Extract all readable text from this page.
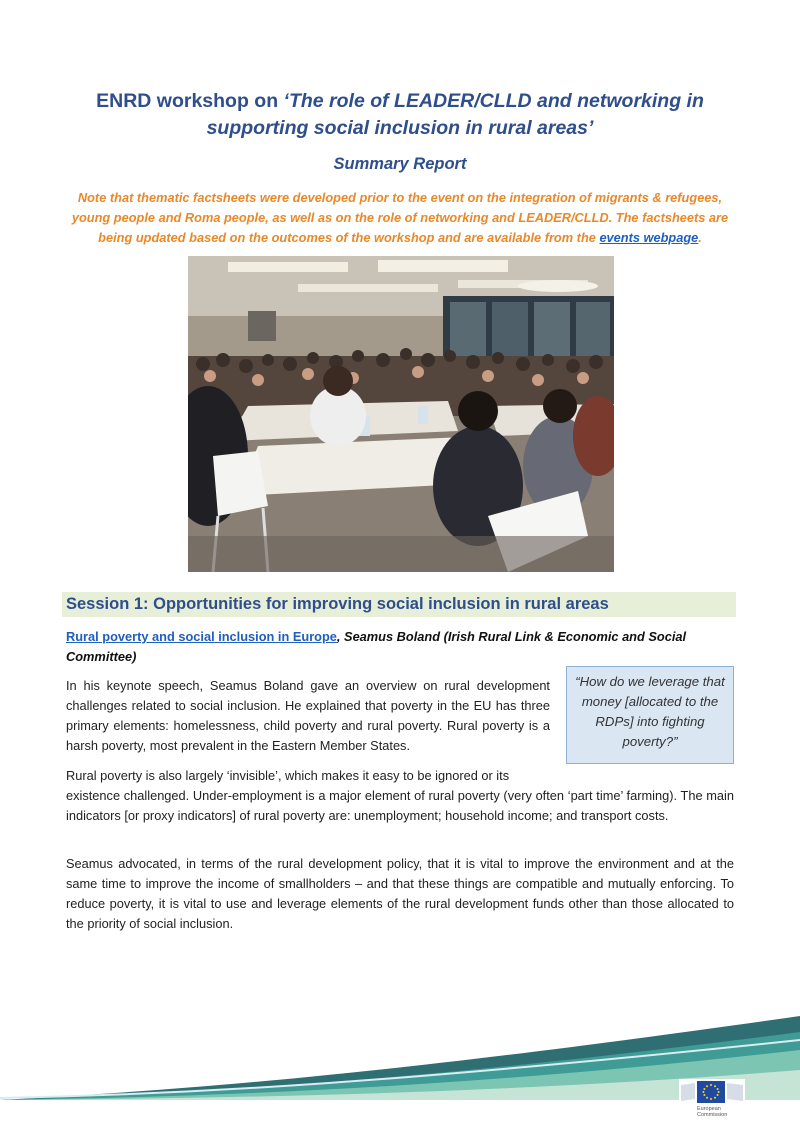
ENRD workshop on ‘The role of LEADER/CLLD and networking in
supporting social inclusion in rural areas’
Summary Report
Note that thematic factsheets were developed prior to the event on the integration of migrants & refugees, young people and Roma people, as well as on the role of networking and LEADER/CLLD. The factsheets are being updated based on the outcomes of the workshop and are available from the events webpage.
Session 1: Opportunities for improving social inclusion in rural areas
Rural poverty and social inclusion in Europe, Seamus Boland (Irish Rural Link & Economic and Social Committee)
In his keynote speech, Seamus Boland gave an overview on rural development challenges related to social inclusion. He explained that poverty in the EU has three primary elements: homelessness, child poverty and rural poverty. Rural poverty is a harsh poverty, most prevalent in the Eastern Member States.
“How do we leverage that money [allocated to the RDPs] into fighting poverty?”
Rural poverty is also largely ‘invisible’, which makes it easy to be ignored or its
existence challenged. Under-employment is a major element of rural poverty (very often ‘part time’ farming). The main indicators [or proxy indicators] of rural poverty are: unemployment; household income; and transport costs.
Seamus advocated, in terms of the rural development policy, that it is vital to improve the environment and at the same time to improve the income of smallholders – and that these things are compatible and mutually enforcing. To reduce poverty, it is vital to use and leverage elements of the rural development funds other than those allocated to the priority of social inclusion.
European Commission
